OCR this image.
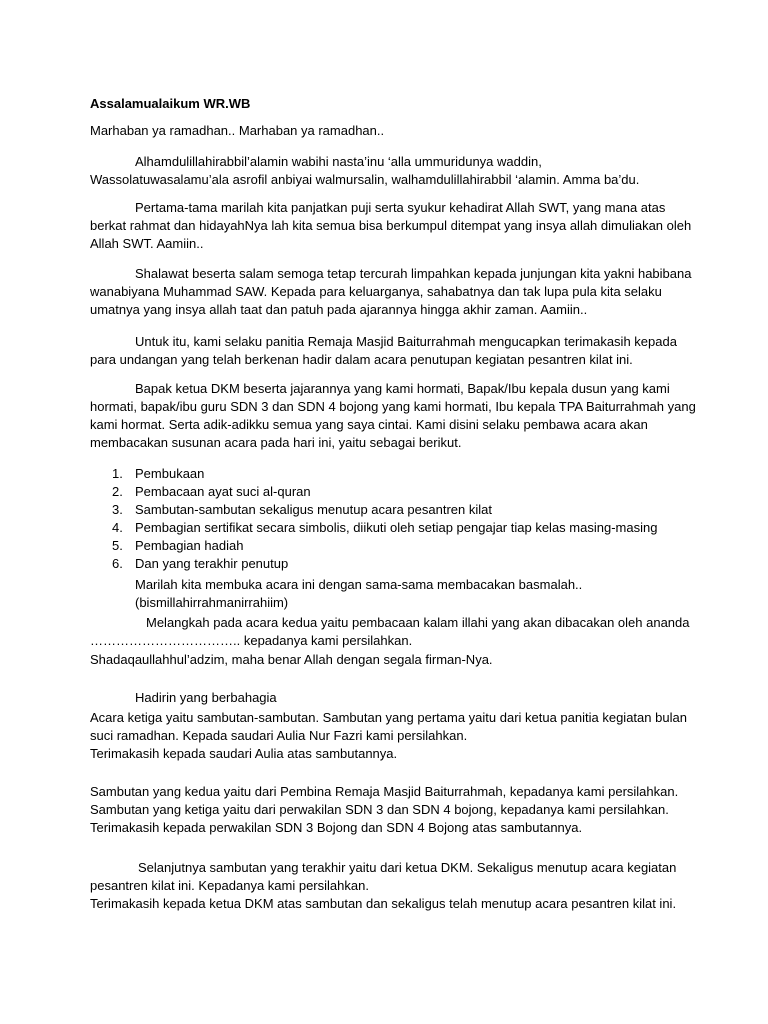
Assalamualaikum WR.WB

Marhaban ya ramadhan.. Marhaban ya ramadhan..

Alhamdulillahirabbil’alamin wabihi nasta’inu ‘alla ummuridunya waddin,

Wassolatuwasalamu’ala asrofil anbiyai walmursalin, walhamdulillahirabbil ‘alamin. Amma ba’du.

Pertama-tama marilah kita panjatkan puji serta syukur kehadirat Allah SWT, yang mana atas

berkat rahmat dan hidayahNya lah kita semua bisa berkumpul ditempat yang insya allah dimuliakan oleh

Allah SWT. Aamiin..

Shalawat beserta salam semoga tetap tercurah limpahkan kepada junjungan kita yakni habibana

wanabiyana Muhammad SAW. Kepada para keluarganya, sahabatnya dan tak lupa pula kita selaku

umatnya yang insya allah taat dan patuh pada ajarannya hingga akhir zaman. Aamiin..

Untuk itu, kami selaku panitia Remaja Masjid Baiturrahmah mengucapkan terimakasih kepada

para undangan yang telah berkenan hadir dalam acara penutupan kegiatan pesantren kilat ini.

Bapak ketua DKM beserta jajarannya yang kami hormati, Bapak/Ibu kepala dusun yang kami

hormati, bapak/ibu guru SDN 3 dan SDN 4 bojong yang kami hormati, Ibu kepala TPA Baiturrahmah yang

kami hormat. Serta adik-adikku semua yang saya cintai. Kami disini selaku pembawa acara akan

membacakan susunan acara pada hari ini, yaitu sebagai berikut.

1. Pembukaan
2. Pembacaan ayat suci al-quran
3. Sambutan-sambutan sekaligus menutup acara pesantren kilat
4. Pembagian sertifikat secara simbolis, diikuti oleh setiap pengajar tiap kelas masing-masing
5. Pembagian hadiah
6. Dan yang terakhir penutup

Marilah kita membuka acara ini dengan sama-sama membacakan basmalah..

(bismillahirrahmanirrahiim)

Melangkah pada acara kedua yaitu pembacaan kalam illahi yang akan dibacakan oleh ananda

…………………………….. kepadanya kami persilahkan.

Shadaqaullahhul’adzim, maha benar Allah dengan segala firman-Nya.

Hadirin yang berbahagia

Acara ketiga yaitu sambutan-sambutan. Sambutan yang pertama yaitu dari ketua panitia kegiatan bulan

suci ramadhan. Kepada saudari Aulia Nur Fazri kami persilahkan.

Terimakasih kepada saudari Aulia atas sambutannya.

Sambutan yang kedua yaitu dari Pembina Remaja Masjid Baiturrahmah, kepadanya kami persilahkan.

Sambutan yang ketiga yaitu dari perwakilan SDN 3 dan SDN 4 bojong, kepadanya kami persilahkan.

Terimakasih kepada perwakilan SDN 3 Bojong dan SDN 4 Bojong atas sambutannya.

Selanjutnya sambutan yang terakhir yaitu dari ketua DKM. Sekaligus menutup acara kegiatan

pesantren kilat ini. Kepadanya kami persilahkan.

Terimakasih kepada ketua DKM atas sambutan dan sekaligus telah menutup acara pesantren kilat ini.
